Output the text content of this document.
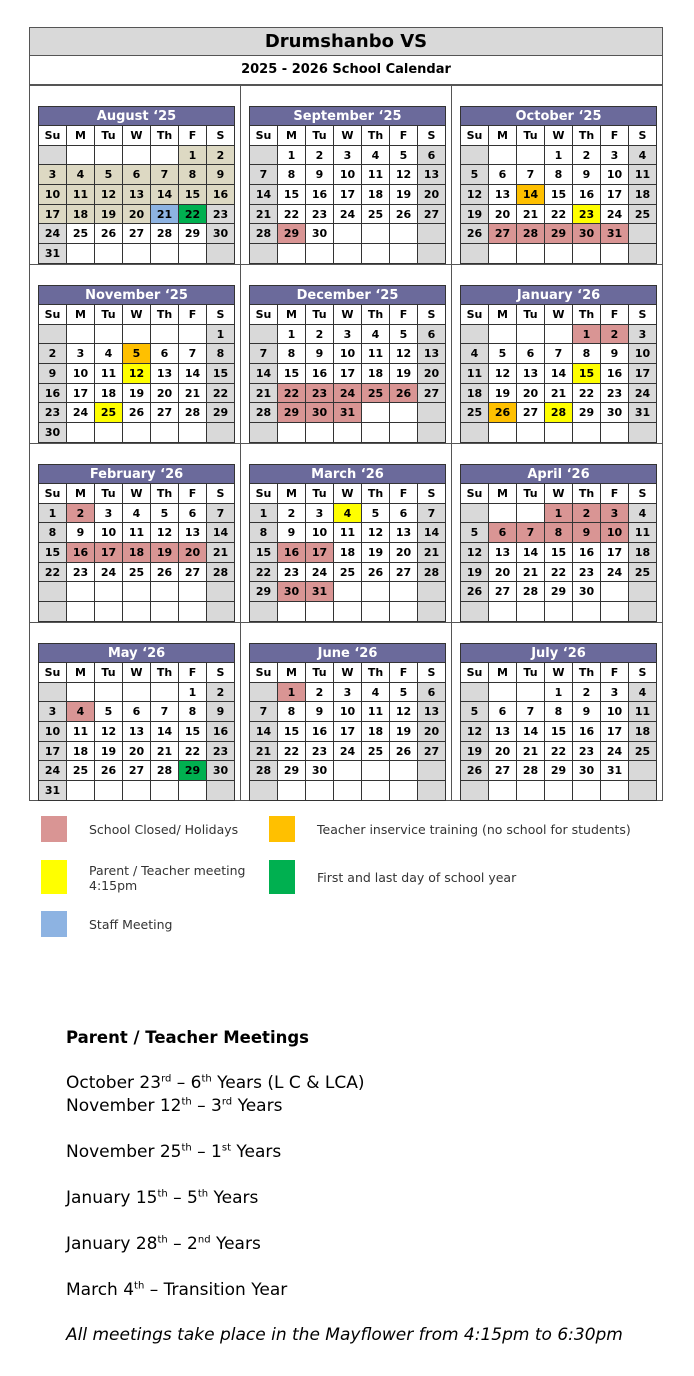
Drumshanbo VS
2025 - 2026 School Calendar
August ‘25
Su	M	Tu	W	Th	F	S
					1	2
3	4	5	6	7	8	9
10	11	12	13	14	15	16
17	18	19	20	21	22	23
24	25	26	27	28	29	30
31						
September ‘25
Su	M	Tu	W	Th	F	S
	1	2	3	4	5	6
7	8	9	10	11	12	13
14	15	16	17	18	19	20
21	22	23	24	25	26	27
28	29	30				

October ‘25
Su	M	Tu	W	Th	F	S
			1	2	3	4
5	6	7	8	9	10	11
12	13	14	15	16	17	18
19	20	21	22	23	24	25
26	27	28	29	30	31	

November ‘25
Su	M	Tu	W	Th	F	S
						1
2	3	4	5	6	7	8
9	10	11	12	13	14	15
16	17	18	19	20	21	22
23	24	25	26	27	28	29
30						
December ‘25
Su	M	Tu	W	Th	F	S
	1	2	3	4	5	6
7	8	9	10	11	12	13
14	15	16	17	18	19	20
21	22	23	24	25	26	27
28	29	30	31			

January ‘26
Su	M	Tu	W	Th	F	S
				1	2	3
4	5	6	7	8	9	10
11	12	13	14	15	16	17
18	19	20	21	22	23	24
25	26	27	28	29	30	31

February ‘26
Su	M	Tu	W	Th	F	S
1	2	3	4	5	6	7
8	9	10	11	12	13	14
15	16	17	18	19	20	21
22	23	24	25	26	27	28

March ‘26
Su	M	Tu	W	Th	F	S
1	2	3	4	5	6	7
8	9	10	11	12	13	14
15	16	17	18	19	20	21
22	23	24	25	26	27	28
29	30	31				

April ‘26
Su	M	Tu	W	Th	F	S
			1	2	3	4
5	6	7	8	9	10	11
12	13	14	15	16	17	18
19	20	21	22	23	24	25
26	27	28	29	30		

May ‘26
Su	M	Tu	W	Th	F	S
					1	2
3	4	5	6	7	8	9
10	11	12	13	14	15	16
17	18	19	20	21	22	23
24	25	26	27	28	29	30
31						
June ‘26
Su	M	Tu	W	Th	F	S
	1	2	3	4	5	6
7	8	9	10	11	12	13
14	15	16	17	18	19	20
21	22	23	24	25	26	27
28	29	30				

July ‘26
Su	M	Tu	W	Th	F	S
			1	2	3	4
5	6	7	8	9	10	11
12	13	14	15	16	17	18
19	20	21	22	23	24	25
26	27	28	29	30	31	

School Closed/ Holidays	Teacher inservice training (no school for students)
Parent / Teacher meeting
4:15pm
First and last day of school year
Staff Meeting
Parent / Teacher Meetings
October 23rd – 6th Years (L C & LCA)
November 12th – 3rd Years
November 25th – 1st Years
January 15th – 5th Years
January 28th – 2nd Years
March 4th – Transition Year
All meetings take place in the Mayflower from 4:15pm to 6:30pm
